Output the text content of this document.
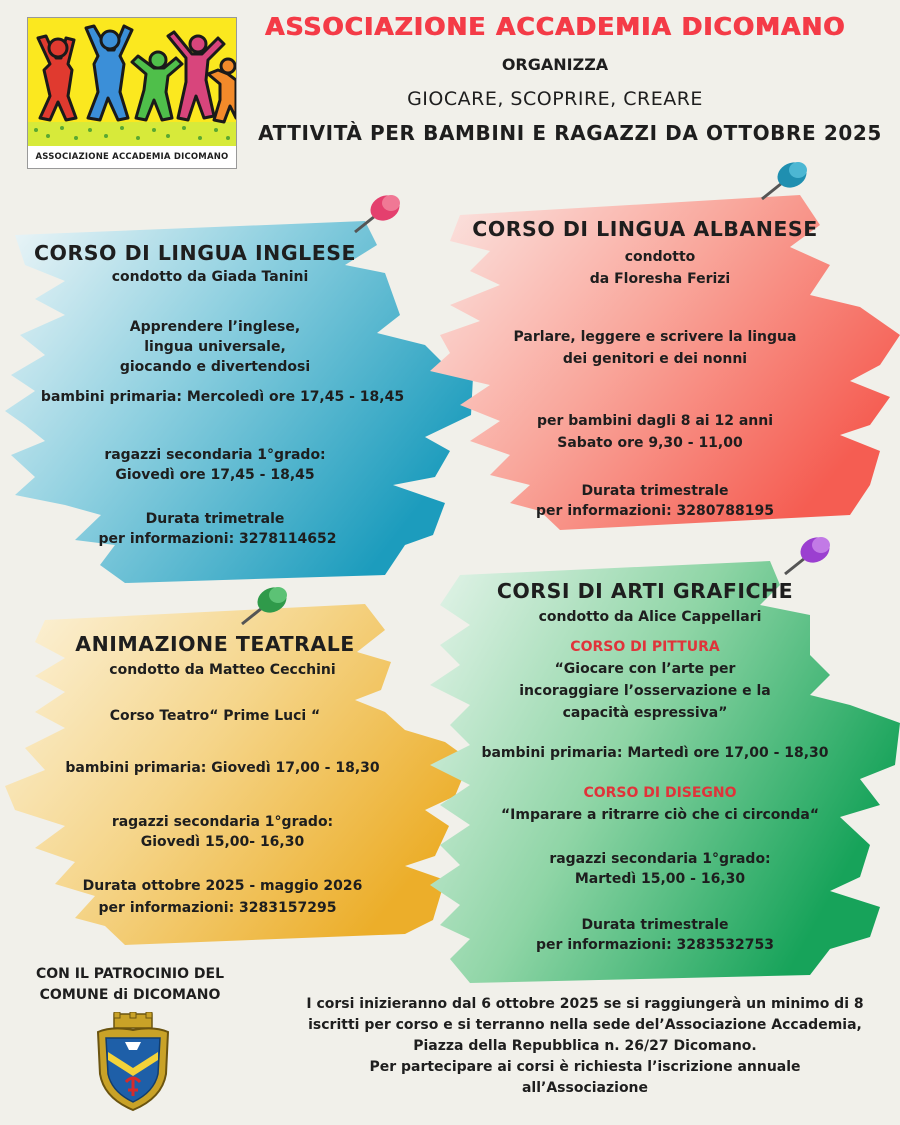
ASSOCIAZIONE ACCADEMIA DICOMANO
ASSOCIAZIONE ACCADEMIA DICOMANO
ORGANIZZA
GIOCARE, SCOPRIRE, CREARE
ATTIVITÀ PER BAMBINI E RAGAZZI DA OTTOBRE 2025
CORSO DI LINGUA INGLESE
condotto da Giada Tanini
Apprendere l’inglese,
lingua universale,
giocando e divertendosi
bambini primaria: Mercoledì ore 17,45 - 18,45
ragazzi secondaria 1°grado:
Giovedì ore 17,45 - 18,45
Durata trimetrale
per informazioni: 3278114652
CORSO DI LINGUA ALBANESE
condotto
da Floresha Ferizi
Parlare, leggere e scrivere la lingua
dei genitori e dei nonni
per bambini dagli 8 ai 12 anni
Sabato ore 9,30 - 11,00
Durata trimestrale
per informazioni: 3280788195
ANIMAZIONE TEATRALE
condotto da Matteo Cecchini
Corso Teatro“ Prime Luci “
bambini primaria: Giovedì 17,00 - 18,30
ragazzi secondaria 1°grado:
Giovedì 15,00- 16,30
Durata ottobre 2025 - maggio 2026
per informazioni: 3283157295
CORSI DI ARTI GRAFICHE
condotto da Alice Cappellari
CORSO DI PITTURA
“Giocare con l’arte per
incoraggiare l’osservazione e la
capacità espressiva”
bambini primaria: Martedì ore 17,00 - 18,30
CORSO DI DISEGNO
“Imparare a ritrarre ciò che ci circonda“
ragazzi secondaria 1°grado:
Martedì 15,00 - 16,30
Durata trimestrale
per informazioni: 3283532753
CON IL PATROCINIO DEL
COMUNE di DICOMANO
I corsi inizieranno dal 6 ottobre 2025 se si raggiungerà un minimo di 8
iscritti per corso e si terranno nella sede del’Associazione Accademia,
Piazza della Repubblica n. 26/27 Dicomano.
Per partecipare ai corsi è richiesta l’iscrizione annuale
all’Associazione
